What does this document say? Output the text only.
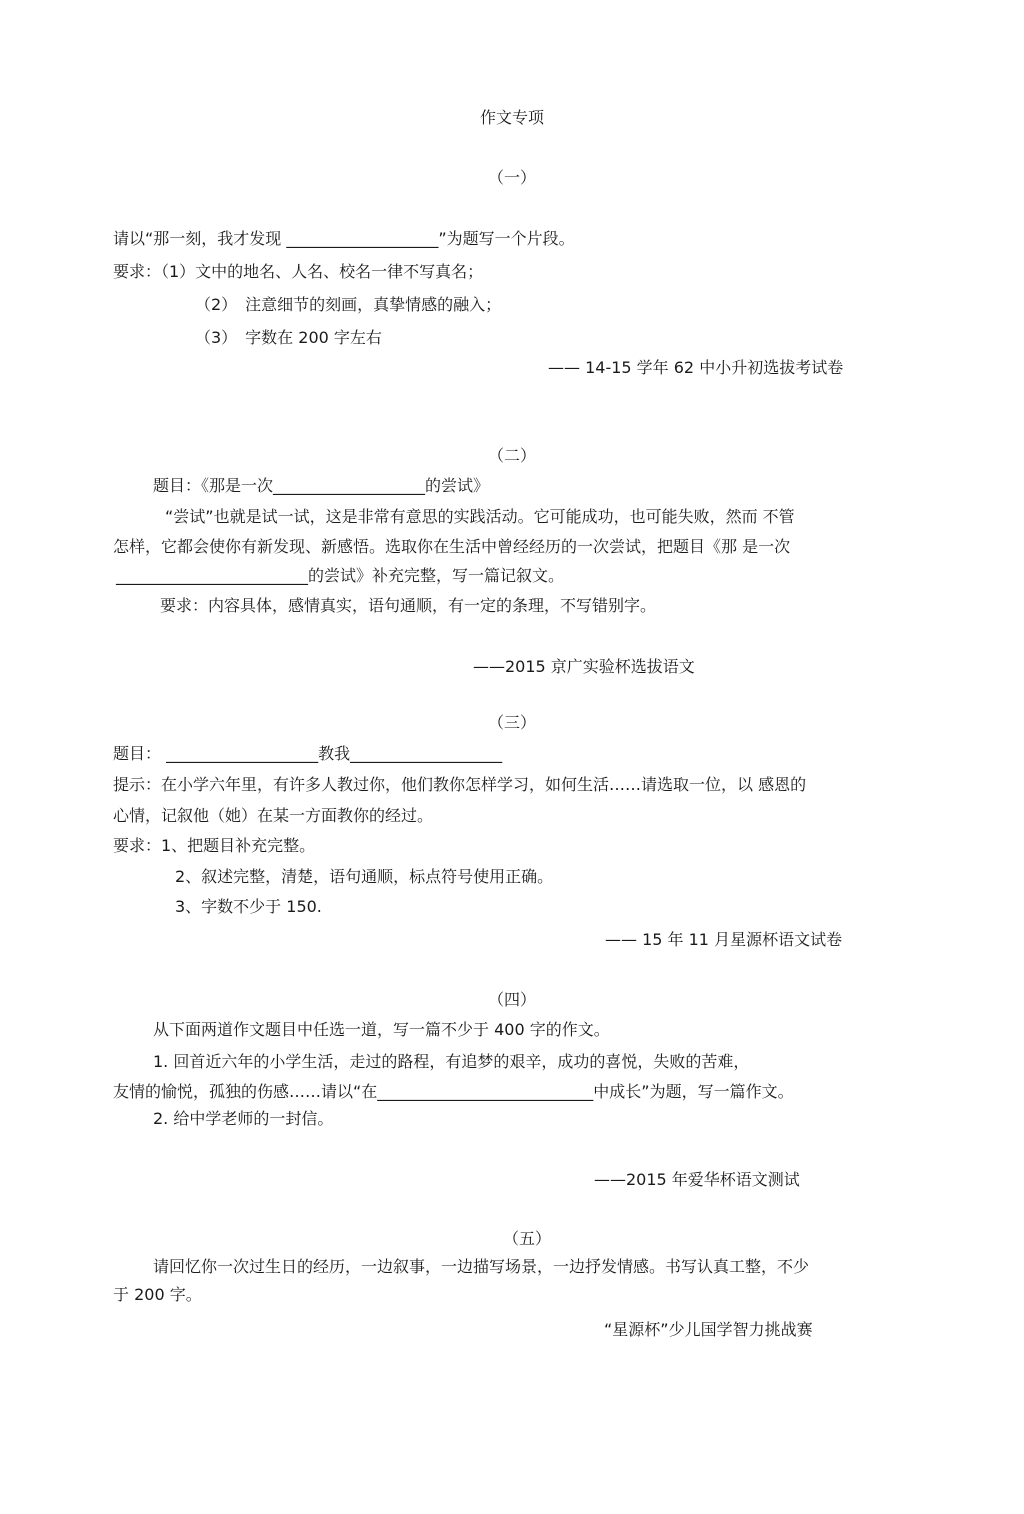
作文专项
（一）
请以“那一刻，我才发现 ___________________”为题写一个片段。
要求：（1）文中的地名、人名、校名一律不写真名；
（2）　注意细节的刻画，真挚情感的融入；
（3）　字数在 200 字左右
—— 14-15 学年 62 中小升初选拔考试卷
（二）
题目：《那是一次___________________的尝试》
“尝试”也就是试一试，这是非常有意思的实践活动。它可能成功，也可能失败，然而 不管
怎样，它都会使你有新发现、新感悟。选取你在生活中曾经经历的一次尝试，把题目《那 是一次
________________________的尝试》补充完整，写一篇记叙文。
要求：内容具体，感情真实，语句通顺，有一定的条理，不写错别字。
——2015 京广实验杯选拔语文
（三）
题目： ___________________教我___________________
提示：在小学六年里，有许多人教过你，他们教你怎样学习，如何生活……请选取一位，以 感恩的
心情，记叙他（她）在某一方面教你的经过。
要求：1、把题目补充完整。
2、叙述完整，清楚，语句通顺，标点符号使用正确。
3、字数不少于 150.
—— 15 年 11 月星源杯语文试卷
（四）
从下面两道作文题目中任选一道，写一篇不少于 400 字的作文。
1. 回首近六年的小学生活，走过的路程，有追梦的艰辛，成功的喜悦，失败的苦难，
友情的愉悦，孤独的伤感……请以“在___________________________中成长”为题，写一篇作文。
2. 给中学老师的一封信。
——2015 年爱华杯语文测试
（五）
请回忆你一次过生日的经历，一边叙事，一边描写场景，一边抒发情感。书写认真工整，不少
于 200 字。
“星源杯”少儿国学智力挑战赛
